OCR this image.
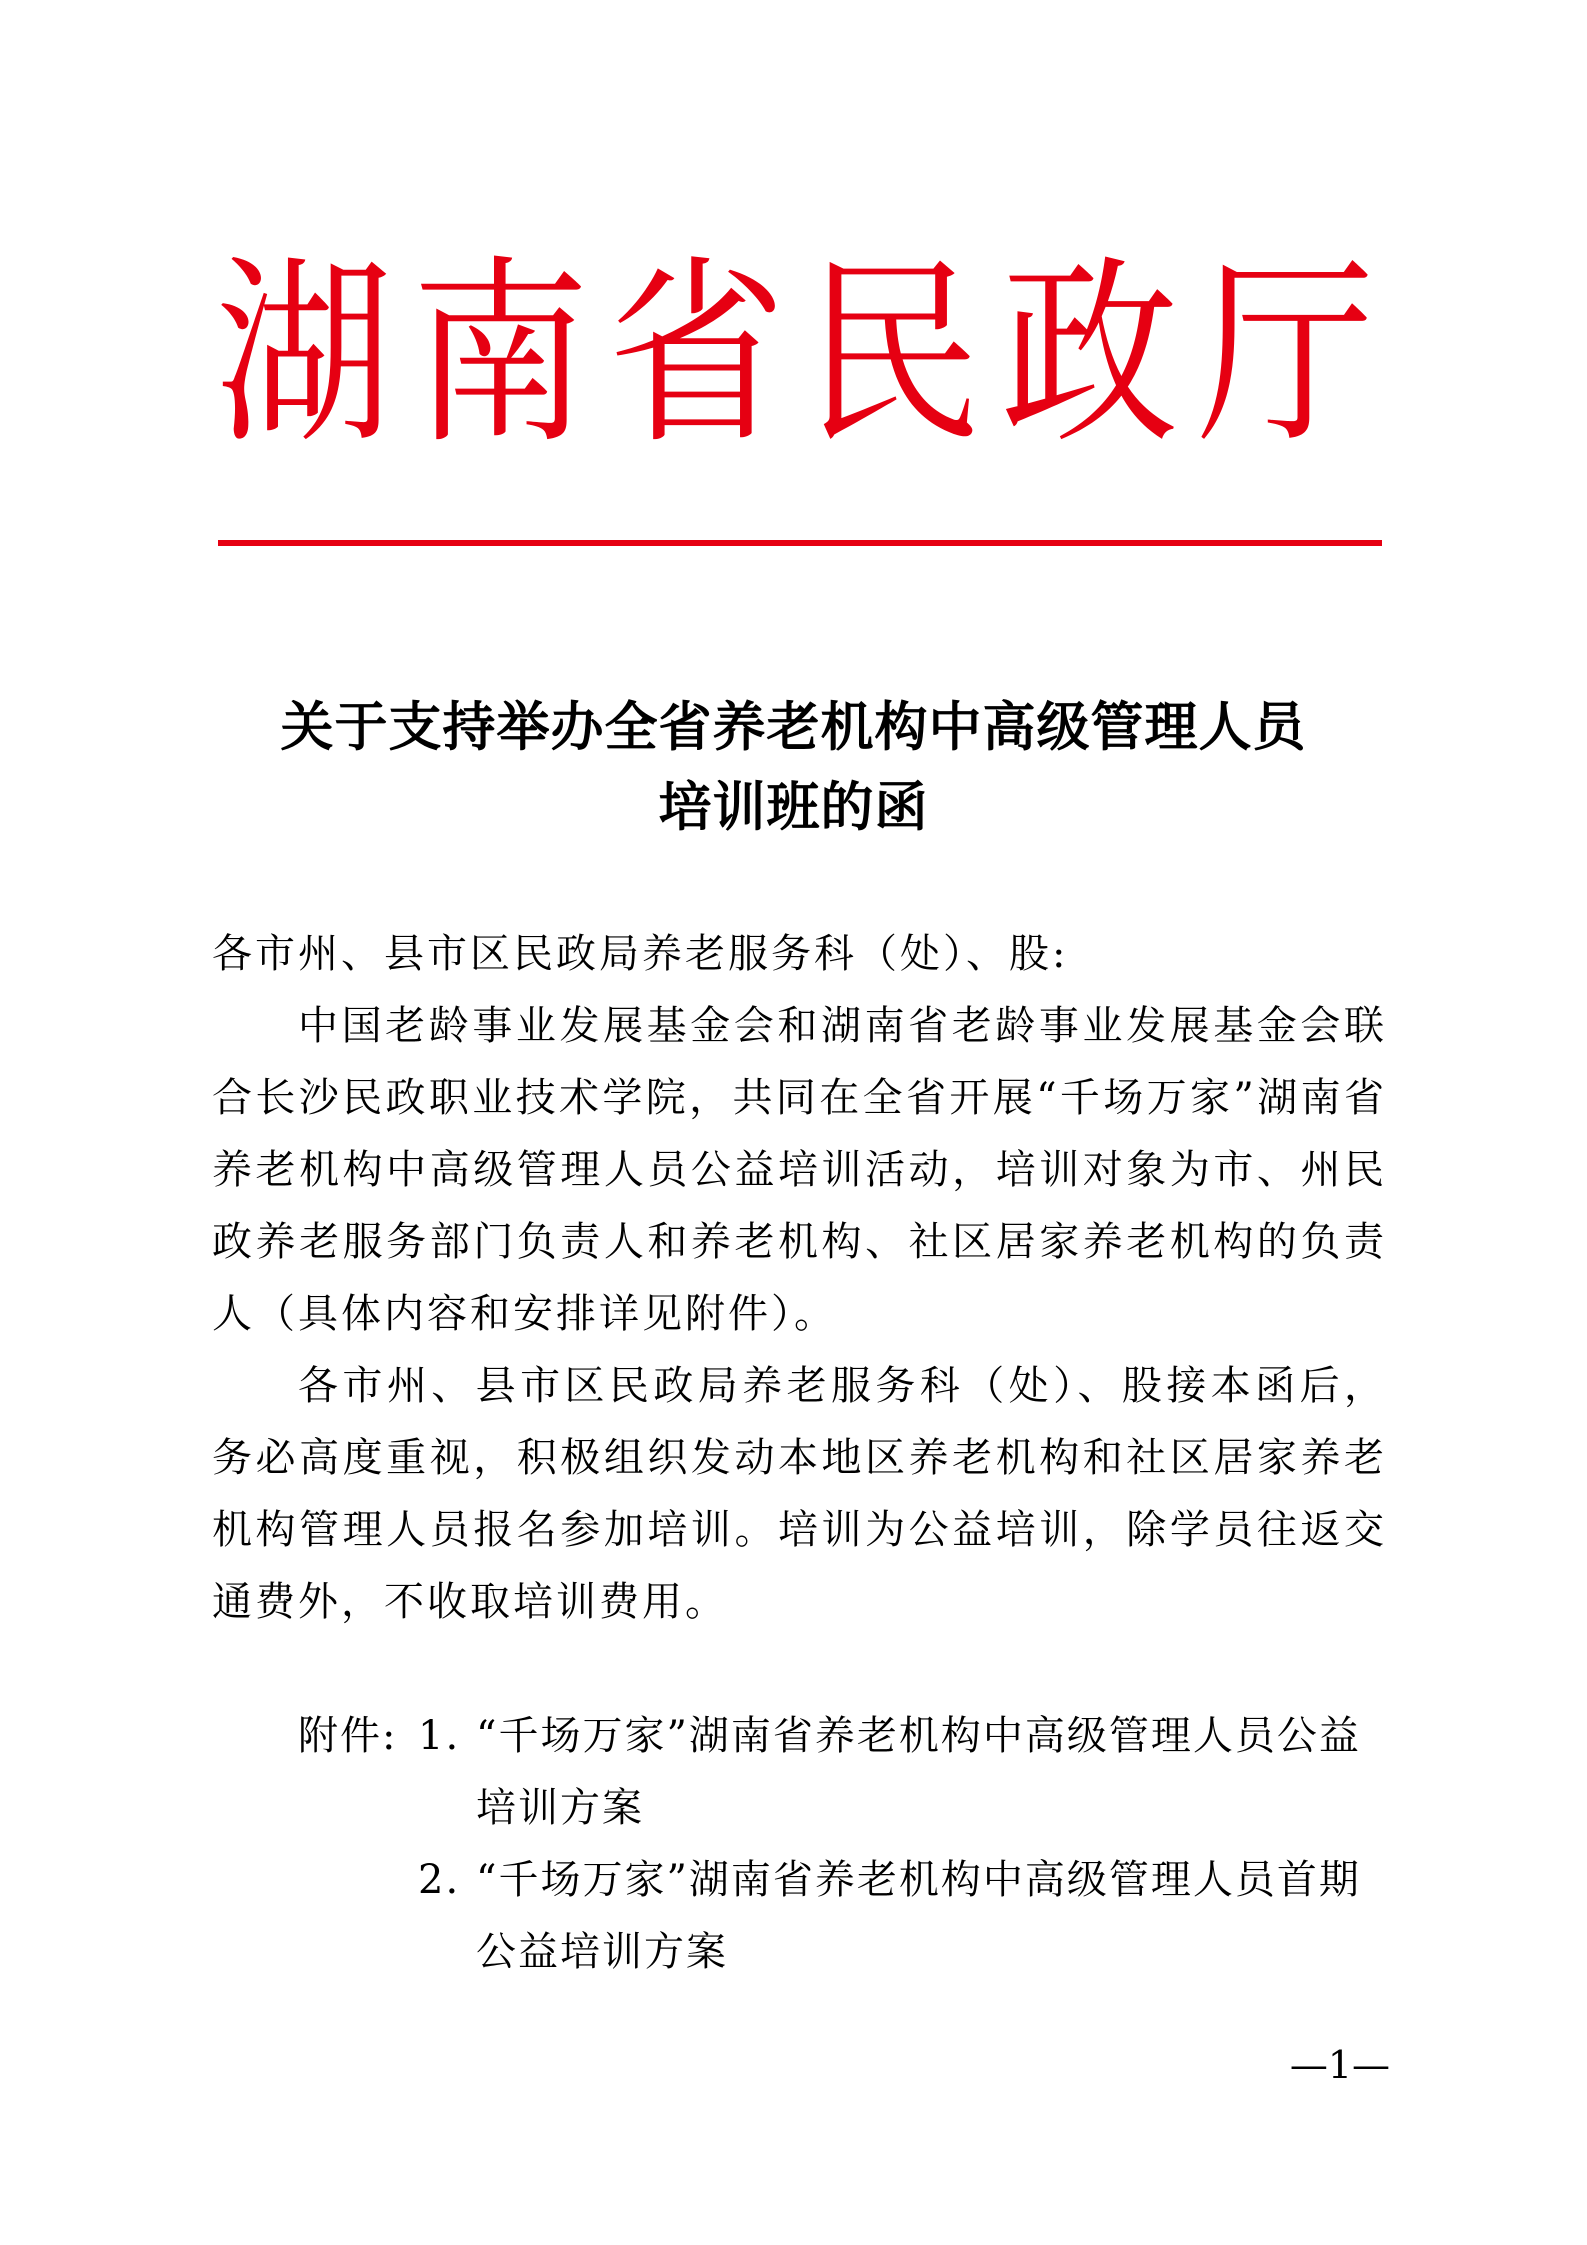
湖 南 省 民 政 厅
关于支持举办全省养老机构中高级管理人员
培训班的函

各市州、县市区民政局养老服务科（处）、股:

中国老龄事业发展基金会和湖南省老龄事业发展基金会联合长沙民政职业技术学院，共同在全省开展“千场万家”湖南省养老机构中高级管理人员公益培训活动，培训对象为市、州民政养老服务部门负责人和养老机构、社区居家养老机构的负责人（具体内容和安排详见附件）。

各市州、县市区民政局养老服务科（处）、股接本函后，务必高度重视，积极组织发动本地区养老机构和社区居家养老机构管理人员报名参加培训。培训为公益培训，除学员往返交通费外，不收取培训费用。

附件: 1. “千场万家”湖南省养老机构中高级管理人员公益培训方案
2. “千场万家”湖南省养老机构中高级管理人员首期公益培训方案
—1—
